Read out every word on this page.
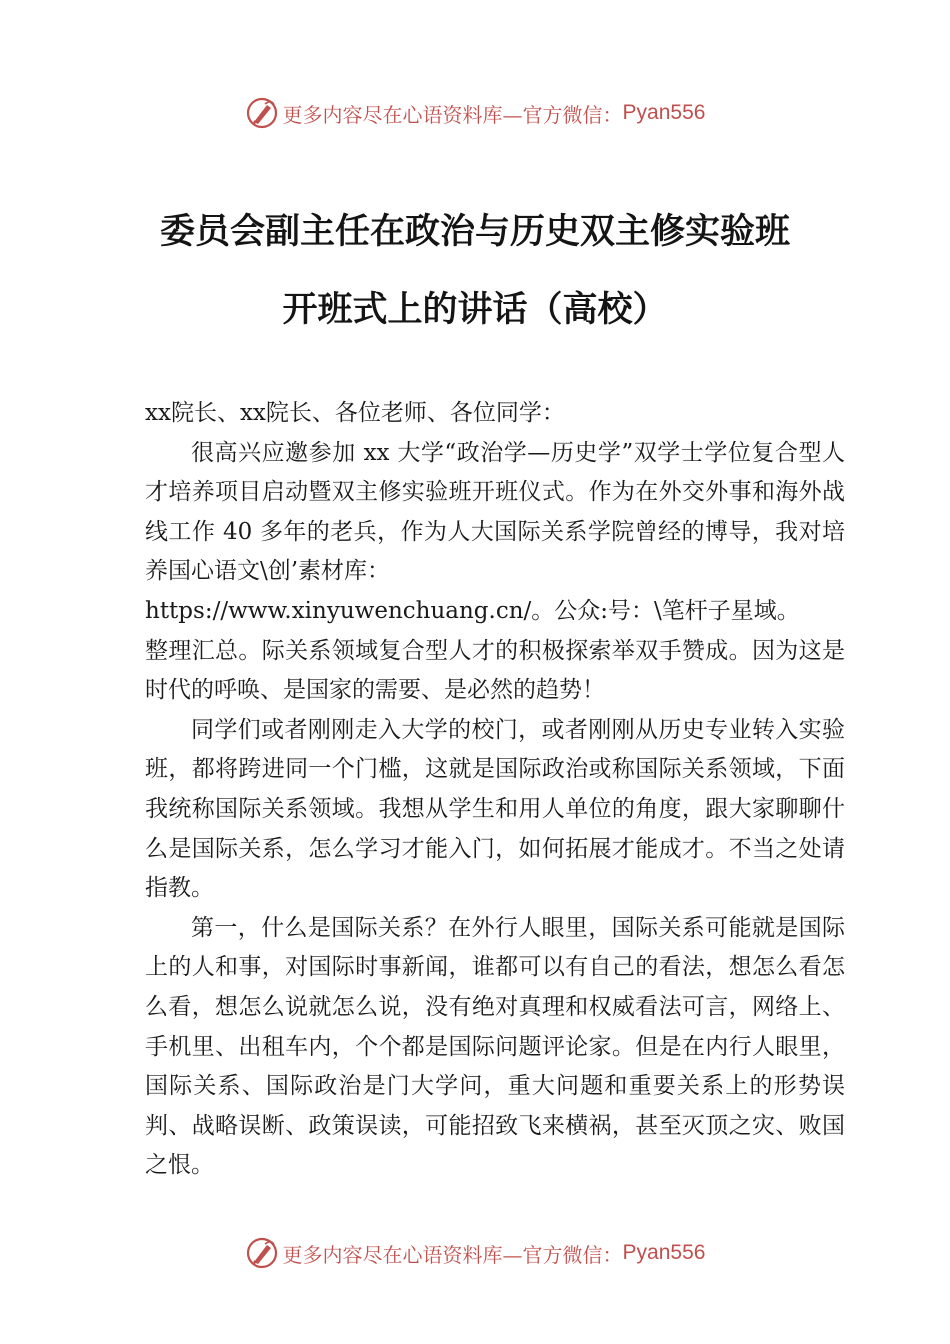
更多内容尽在心语资料库—官方微信： Pyan556
委员会副主任在政治与历史双主修实验班
开班式上的讲话（高校）

xx院长、xx院长、各位老师、各位同学：

很高兴应邀参加 xx 大学“政治学—历史学”双学士学位复合型人才培养项目启动暨双主修实验班开班仪式。作为在外交外事和海外战线工作 40 多年的老兵，作为人大国际关系学院曾经的博导，我对培养国心语文\创’素材库：
https://www.xinyuwenchuang.cn/。公众:号：\笔杆子星域。
整理汇总。际关系领域复合型人才的积极探索举双手赞成。因为这是时代的呼唤、是国家的需要、是必然的趋势！

同学们或者刚刚走入大学的校门，或者刚刚从历史专业转入实验班，都将跨进同一个门槛，这就是国际政治或称国际关系领域，下面我统称国际关系领域。我想从学生和用人单位的角度，跟大家聊聊什么是国际关系，怎么学习才能入门，如何拓展才能成才。不当之处请指教。

第一，什么是国际关系？在外行人眼里，国际关系可能就是国际上的人和事，对国际时事新闻，谁都可以有自己的看法，想怎么看怎么看，想怎么说就怎么说，没有绝对真理和权威看法可言，网络上、手机里、出租车内，个个都是国际问题评论家。但是在内行人眼里，国际关系、国际政治是门大学问，重大问题和重要关系上的形势误判、战略误断、政策误读，可能招致飞来横祸，甚至灭顶之灾、败国之恨。

更多内容尽在心语资料库—官方微信： Pyan556
